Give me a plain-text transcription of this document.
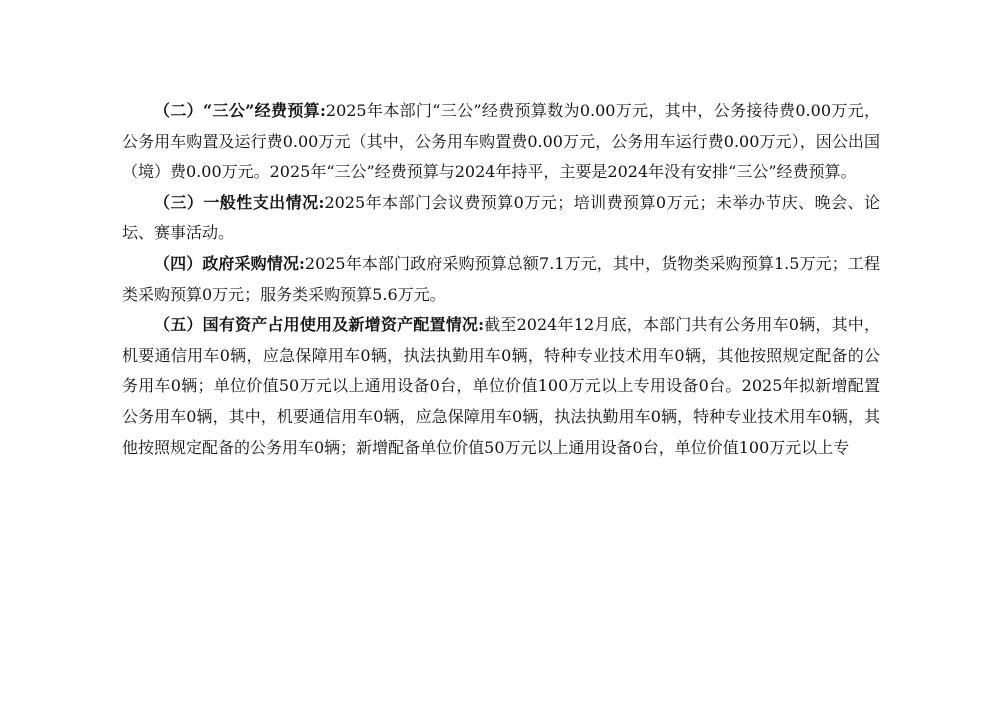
（二）“三公”经费预算:2025年本部门“三公”经费预算数为0.00万元，其中，公务接待费0.00万元，公务用车购置及运行费0.00万元（其中，公务用车购置费0.00万元，公务用车运行费0.00万元），因公出国（境）费0.00万元。2025年“三公”经费预算与2024年持平，主要是2024年没有安排“三公”经费预算。

（三）一般性支出情况:2025年本部门会议费预算0万元；培训费预算0万元；未举办节庆、晚会、论坛、赛事活动。

（四）政府采购情况:2025年本部门政府采购预算总额7.1万元，其中，货物类采购预算1.5万元；工程类采购预算0万元；服务类采购预算5.6万元。

（五）国有资产占用使用及新增资产配置情况:截至2024年12月底，本部门共有公务用车0辆，其中，机要通信用车0辆，应急保障用车0辆，执法执勤用车0辆，特种专业技术用车0辆，其他按照规定配备的公务用车0辆；单位价值50万元以上通用设备0台，单位价值100万元以上专用设备0台。2025年拟新增配置公务用车0辆，其中，机要通信用车0辆，应急保障用车0辆，执法执勤用车0辆，特种专业技术用车0辆，其他按照规定配备的公务用车0辆；新增配备单位价值50万元以上通用设备0台，单位价值100万元以上专
